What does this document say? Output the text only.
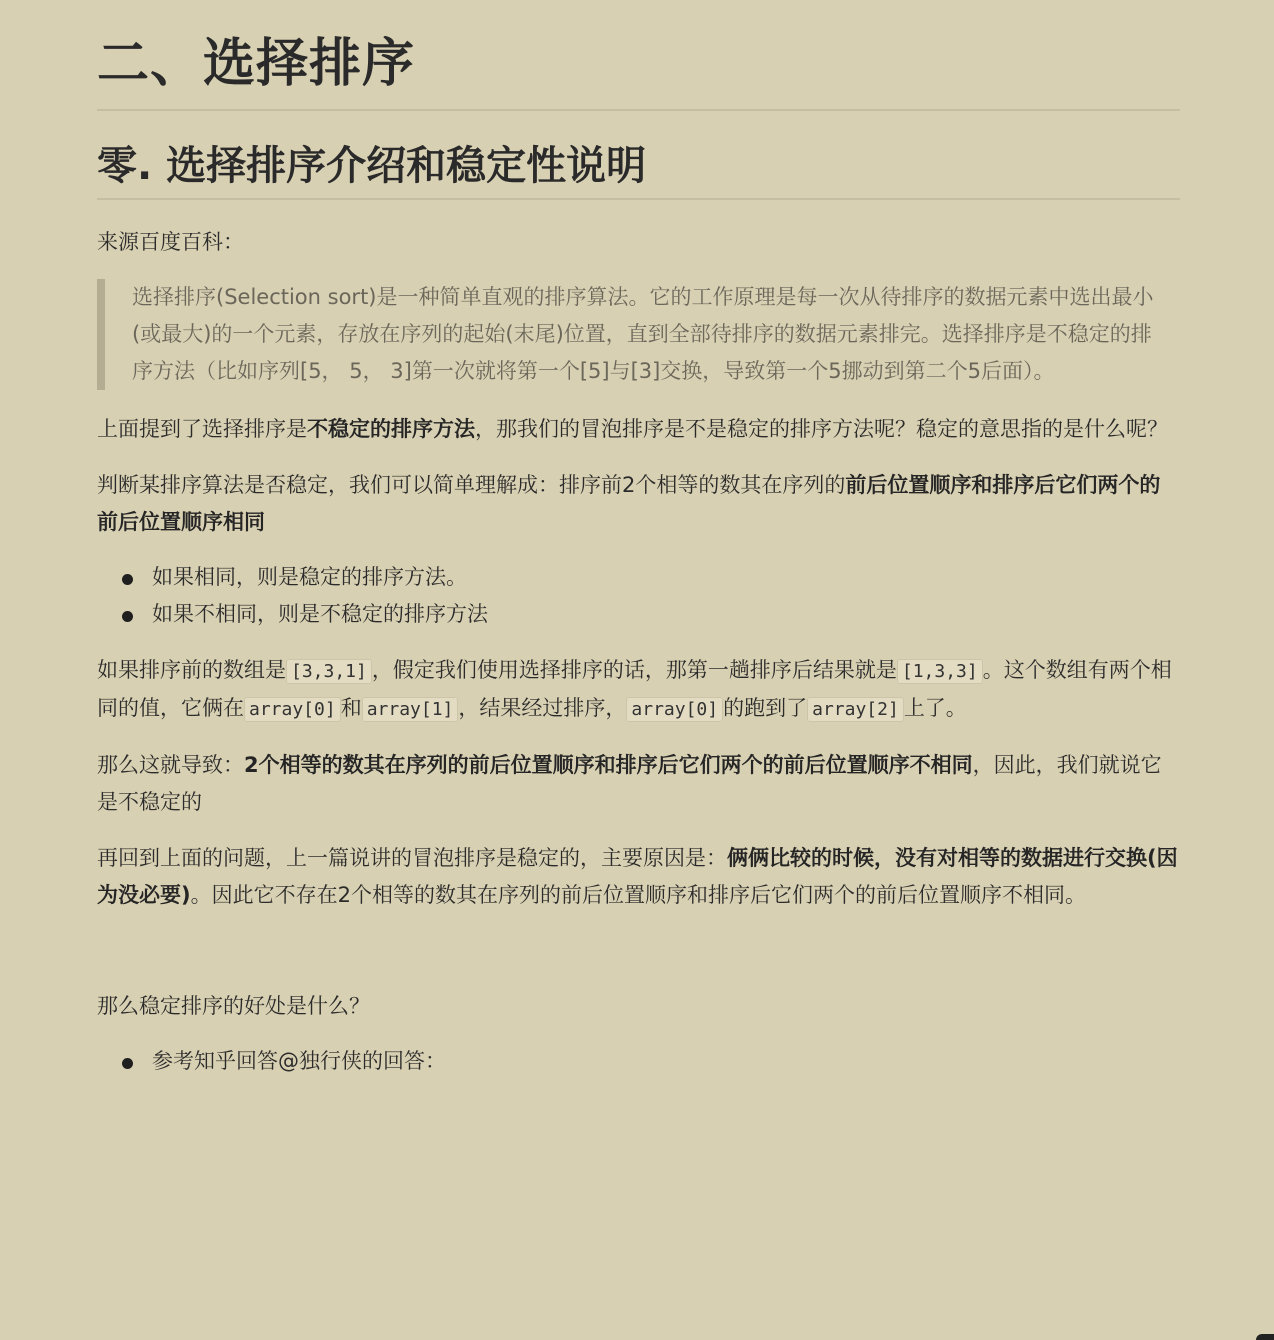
二、选择排序
零. 选择排序介绍和稳定性说明

来源百度百科：

选择排序(Selection sort)是一种简单直观的排序算法。它的工作原理是每一次从待排序的数据元素中选出最小(或最大)的一个元素，存放在序列的起始(末尾)位置，直到全部待排序的数据元素排完。选择排序是不稳定的排序方法（比如序列[5， 5， 3]第一次就将第一个[5]与[3]交换，导致第一个5挪动到第二个5后面）。

上面提到了选择排序是不稳定的排序方法，那我们的冒泡排序是不是稳定的排序方法呢？稳定的意思指的是什么呢？

判断某排序算法是否稳定，我们可以简单理解成：排序前2个相等的数其在序列的前后位置顺序和排序后它们两个的前后位置顺序相同

如果相同，则是稳定的排序方法。
如果不相同，则是不稳定的排序方法

如果排序前的数组是 [3,3,1] ，假定我们使用选择排序的话，那第一趟排序后结果就是 [1,3,3] 。这个数组有两个相同的值，它俩在 array[0] 和 array[1] ，结果经过排序， array[0] 的跑到了 array[2] 上了。

那么这就导致：2个相等的数其在序列的前后位置顺序和排序后它们两个的前后位置顺序不相同，因此，我们就说它是不稳定的

再回到上面的问题，上一篇说讲的冒泡排序是稳定的，主要原因是：俩俩比较的时候，没有对相等的数据进行交换(因为没必要)。因此它不存在2个相等的数其在序列的前后位置顺序和排序后它们两个的前后位置顺序不相同。

那么稳定排序的好处是什么？

参考知乎回答@独行侠的回答：
